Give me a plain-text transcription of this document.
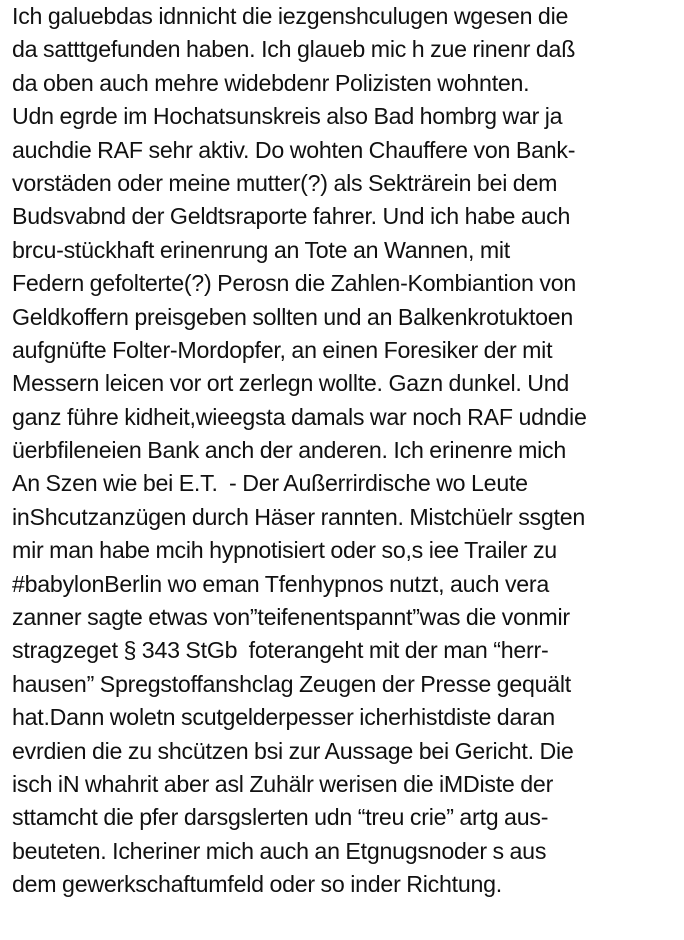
Ich galuebdas idnnicht die iezgenshculugen wgesen die
da satttgefunden haben. Ich glaueb mic h zue rinenr daß
da oben auch mehre widebdenr Polizisten wohnten.
Udn egrde im Hochatsunskreis also Bad hombrg war ja
auchdie RAF sehr aktiv. Do wohten Chauffere von Bank-
vorstäden oder meine mutter(?) als Sekträrein bei dem
Budsvabnd der Geldtsraporte fahrer. Und ich habe auch
brcu-stückhaft erinenrung an Tote an Wannen, mit
Federn gefolterte(?) Perosn die Zahlen-Kombiantion von
Geldkoffern preisgeben sollten und an Balkenkrotuktoen
aufgnüfte Folter-Mordopfer, an einen Foresiker der mit
Messern leicen vor ort zerlegn wollte. Gazn dunkel. Und
ganz führe kidheit,wieegsta damals war noch RAF udndie
üerbfileneien Bank anch der anderen. Ich erinenre mich
An Szen wie bei E.T.  - Der Außerrirdische wo Leute
inShcutzanzügen durch Häser rannten. Mistchüelr ssgten
mir man habe mcih hypnotisiert oder so,s iee Trailer zu
#babylonBerlin wo eman Tfenhypnos nutzt, auch vera
zanner sagte etwas von”teifenentspannt”was die vonmir
stragzeget § 343 StGb  foterangeht mit der man “herr-
hausen” Spregstoffanshclag Zeugen der Presse gequält
hat.Dann woletn scutgelderpesser icherhistdiste daran
evrdien die zu shcützen bsi zur Aussage bei Gericht. Die
isch iN whahrit aber asl Zuhälr werisen die iMDiste der
sttamcht die pfer darsgslerten udn “treu crie” artg aus-
beuteten. Icheriner mich auch an Etgnugsnoder s aus
dem gewerkschaftumfeld oder so inder Richtung.
